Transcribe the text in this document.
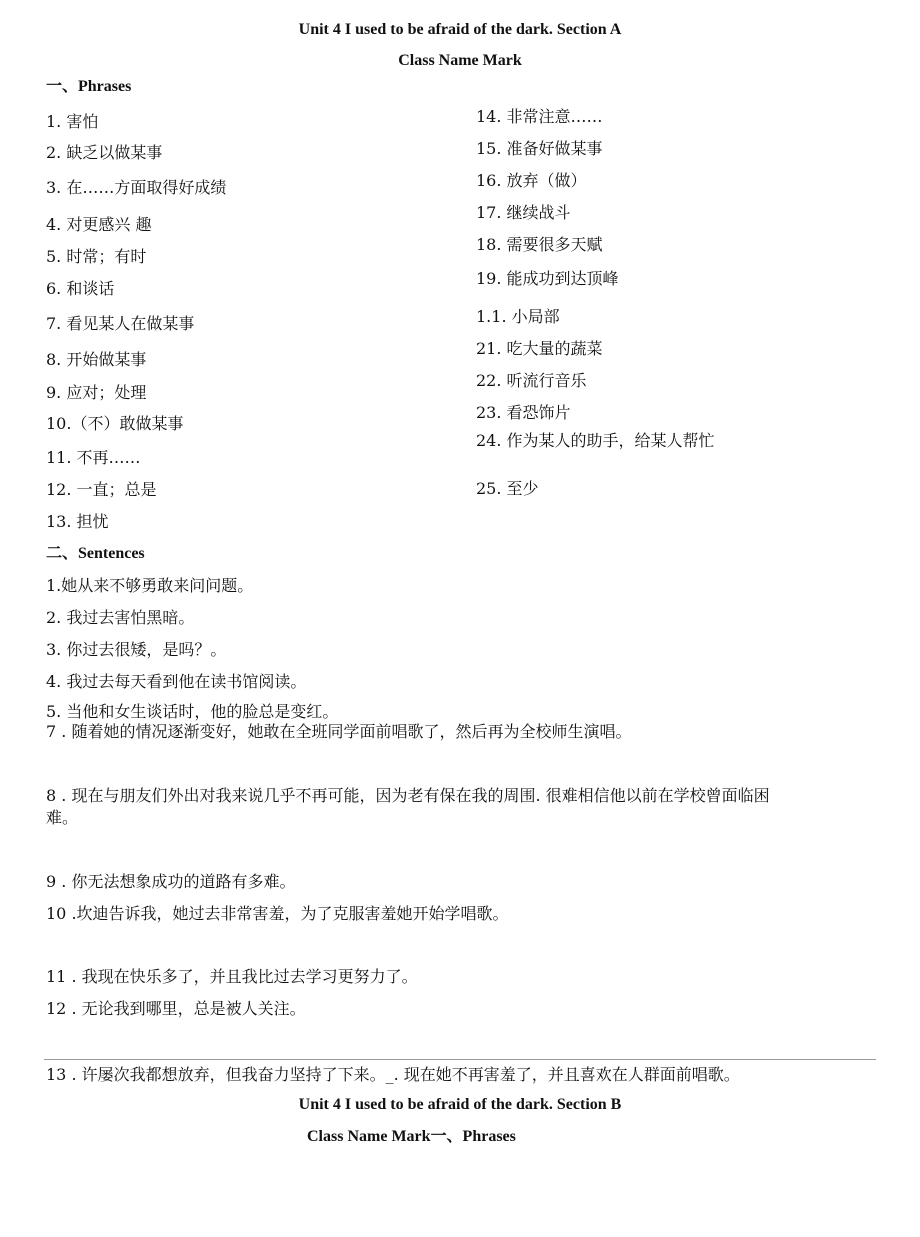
Unit 4 I used to be afraid of the dark. Section A
Class Name Mark
一、Phrases
1. 害怕
2. 缺乏以做某事
3. 在……方面取得好成绩
4. 对更感兴 趣
5. 时常；有时
6. 和谈话
7. 看见某人在做某事
8. 开始做某事
9. 应对；处理
10.（不）敢做某事
11. 不再……
12. 一直；总是
13. 担忧
14. 非常注意……
15. 准备好做某事
16. 放弃（做）
17. 继续战斗
18. 需要很多天赋
19. 能成功到达顶峰
1.1. 小局部
21. 吃大量的蔬菜
22. 听流行音乐
23. 看恐饰片
24. 作为某人的助手，给某人帮忙
25. 至少
二、Sentences
1.她从来不够勇敢来问问题。
2. 我过去害怕黑暗。
3. 你过去很矮，是吗？。
4. 我过去每天看到他在读书馆阅读。
5. 当他和女生谈话时，他的脸总是变红。
7 . 随着她的情况逐渐变好，她敢在全班同学面前唱歌了，然后再为全校师生演唱。
8 . 现在与朋友们外出对我来说几乎不再可能，因为老有保在我的周围. 很难相信他以前在学校曾面临困
难。
9 . 你无法想象成功的道路有多难。
10 .坎迪告诉我，她过去非常害羞，为了克服害羞她开始学唱歌。
11 . 我现在快乐多了，并且我比过去学习更努力了。
12 . 无论我到哪里，总是被人关注。
13 . 许屡次我都想放弃，但我奋力坚持了下来。_. 现在她不再害羞了，并且喜欢在人群面前唱歌。
Unit 4 I used to be afraid of the dark. Section B
Class Name Mark一、Phrases
